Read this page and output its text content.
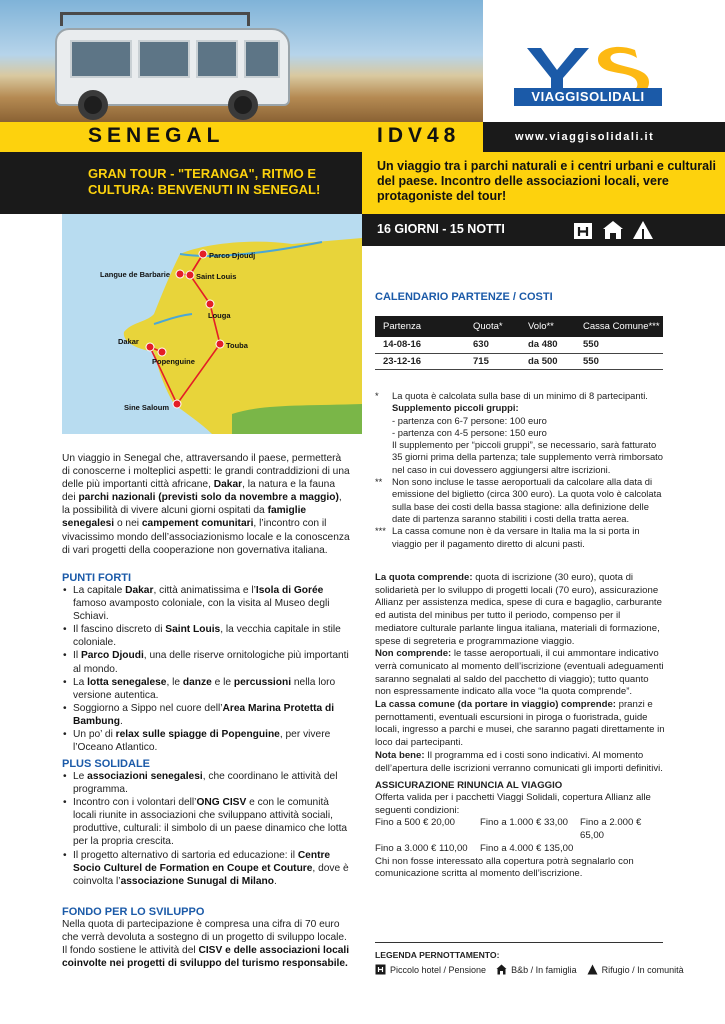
VIAGGISOLIDALI
SENEGAL	IDV48	www.viaggisolidali.it
GRAN TOUR - "TERANGA", RITMO E CULTURA: BENVENUTI IN SENEGAL!
Un viaggio tra i parchi naturali e i centri urbani e culturali del paese. Incontro delle associazioni locali, vere protagoniste del tour!
Parco Djoudj
Langue de Barbarie	Saint Louis
Louga
Dakar
Popenguine
Touba
Sine Saloum
16 GIORNI - 15 NOTTI
Un viaggio in Senegal che, attraversando il paese, permetterà di conoscerne i molteplici aspetti: le grandi contraddizioni di una delle più importanti città africane, Dakar, la natura e la fauna dei parchi nazionali (previsti solo da novembre a maggio), la possibilità di vivere alcuni giorni ospitati da famiglie senegalesi o nei campement comunitari, l’incontro con il vivacissimo mondo dell’associazionismo locale e la conoscenza di vari progetti della cooperazione non governativa italiana.
PUNTI FORTI
• La capitale Dakar, città animatissima e l’Isola di Gorée famoso avamposto coloniale, con la visita al Museo degli Schiavi.
• Il fascino discreto di Saint Louis, la vecchia capitale in stile coloniale.
• Il Parco Djoudi, una delle riserve ornitologiche più importanti al mondo.
• La lotta senegalese, le danze e le percussioni nella loro versione autentica.
• Soggiorno a Sippo nel cuore dell’Area Marina Protetta di Bambung.
• Un po’ di relax sulle spiagge di Popenguine, per vivere l’Oceano Atlantico.
PLUS SOLIDALE
• Le associazioni senegalesi, che coordinano le attività del programma.
• Incontro con i volontari dell’ONG CISV e con le comunità locali riunite in associazioni che sviluppano attività sociali, produttive, culturali: il simbolo di un paese dinamico che lotta per la propria crescita.
• Il progetto alternativo di sartoria ed educazione: il Centre Socio Culturel de Formation en Coupe et Couture, dove è coinvolta l’associazione Sunugal di Milano.
FONDO PER LO SVILUPPO
Nella quota di partecipazione è compresa una cifra di 70 euro che verrà devoluta a sostegno di un progetto di sviluppo locale.
Il fondo sostiene le attività del CISV e delle associazioni locali coinvolte nei progetti di sviluppo del turismo responsabile.
CALENDARIO PARTENZE / COSTI
Partenza	Quota*	Volo**	Cassa Comune***
14-08-16	630	da 480	550
23-12-16	715	da 500	550
*	La quota è calcolata sulla base di un minimo di 8 partecipanti.
Supplemento piccoli gruppi:
- partenza con 6-7 persone: 100 euro
- partenza con 4-5 persone: 150 euro
Il supplemento per “piccoli gruppi”, se necessario, sarà fatturato 35 giorni prima della partenza; tale supplemento verrà rimborsato nel caso in cui dovessero aggiungersi altre iscrizioni.
**	Non sono incluse le tasse aeroportuali da calcolare alla data di emissione del biglietto (circa 300 euro). La quota volo è calcolata sulla base dei costi della bassa stagione: alla definizione delle date di partenza saranno stabiliti i costi della tratta aerea.
*** La cassa comune non è da versare in Italia ma la si porta in viaggio per il pagamento diretto di alcuni pasti.
La quota comprende: quota di iscrizione (30 euro), quota di solidarietà per lo sviluppo di progetti locali (70 euro), assicurazione Allianz per assistenza medica, spese di cura e bagaglio, carburante ed autista del minibus per tutto il periodo, compenso per il mediatore culturale parlante lingua italiana, materiali di formazione, spese di segreteria e programmazione viaggio.
Non comprende: le tasse aeroportuali, il cui ammontare indicativo verrà comunicato al momento dell’iscrizione (eventuali adeguamenti saranno segnalati al saldo del pacchetto di viaggio); tutto quanto non espressamente indicato alla voce “la quota comprende”.
La cassa comune (da portare in viaggio) comprende: pranzi e pernottamenti, eventuali escursioni in piroga o fuoristrada, guide locali, ingresso a parchi e musei, che saranno pagati direttamente in loco dai partecipanti.
Nota bene: Il programma ed i costi sono indicativi. Al momento dell’apertura delle iscrizioni verranno comunicati gli importi definitivi.
ASSICURAZIONE RINUNCIA AL VIAGGIO
Offerta valida per i pacchetti Viaggi Solidali, copertura Allianz alle seguenti condizioni:
Fino a 500 € 20,00	Fino a 1.000 € 33,00	Fino a 2.000 € 65,00
Fino a 3.000 € 110,00	Fino a 4.000 € 135,00
Chi non fosse interessato alla copertura potrà segnalarlo con comunicazione scritta al momento dell’iscrizione.
LEGENDA PERNOTTAMENTO:
Piccolo hotel / Pensione	B&b / In famiglia	Rifugio / In comunità
